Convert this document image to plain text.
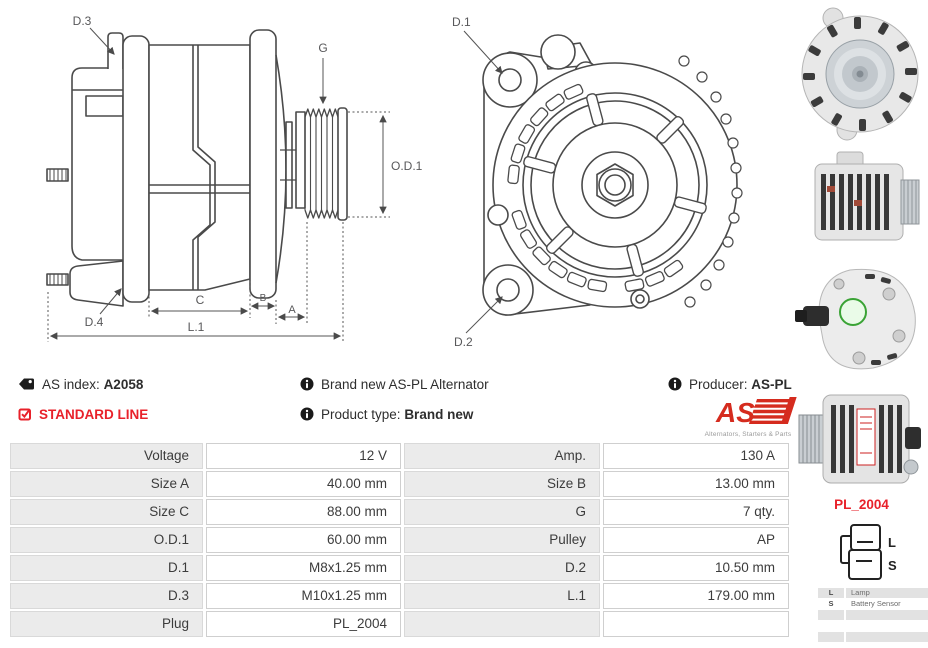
D.3
D.4
G
O.D.1
C	B
A
L.1
D.1
D.2
AS index: A2058
STANDARD LINE
Brand new AS-PL Alternator
Product type: Brand new
Producer: AS-PL
AS
Alternators, Starters & Parts
Voltage	12 V	Amp.	130 A
Size A	40.00 mm	Size B	13.00 mm
Size C	88.00 mm	G	7 qty.
O.D.1	60.00 mm	Pulley	AP
D.1	M8x1.25 mm	D.2	10.50 mm
D.3	M10x1.25 mm	L.1	179.00 mm
Plug	PL_2004
PL_2004
L
S
L	Lamp
S	Battery Sensor
